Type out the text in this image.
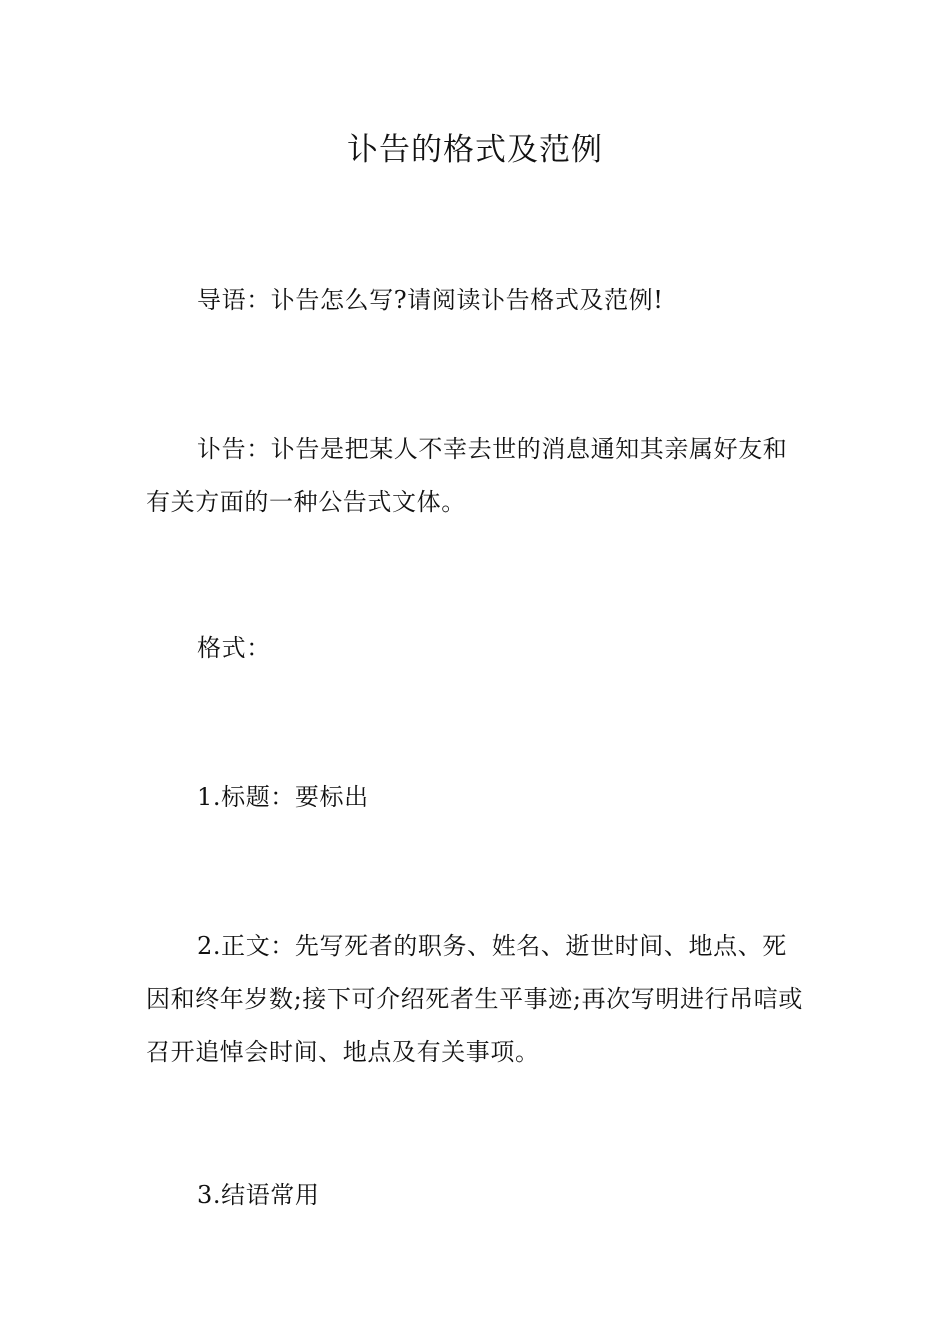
讣告的格式及范例

导语：讣告怎么写?请阅读讣告格式及范例!

讣告：讣告是把某人不幸去世的消息通知其亲属好友和有关方面的一种公告式文体。

格式：

1.标题：要标出

2.正文：先写死者的职务、姓名、逝世时间、地点、死因和终年岁数;接下可介绍死者生平事迹;再次写明进行吊唁或召开追悼会时间、地点及有关事项。

3.结语常用
